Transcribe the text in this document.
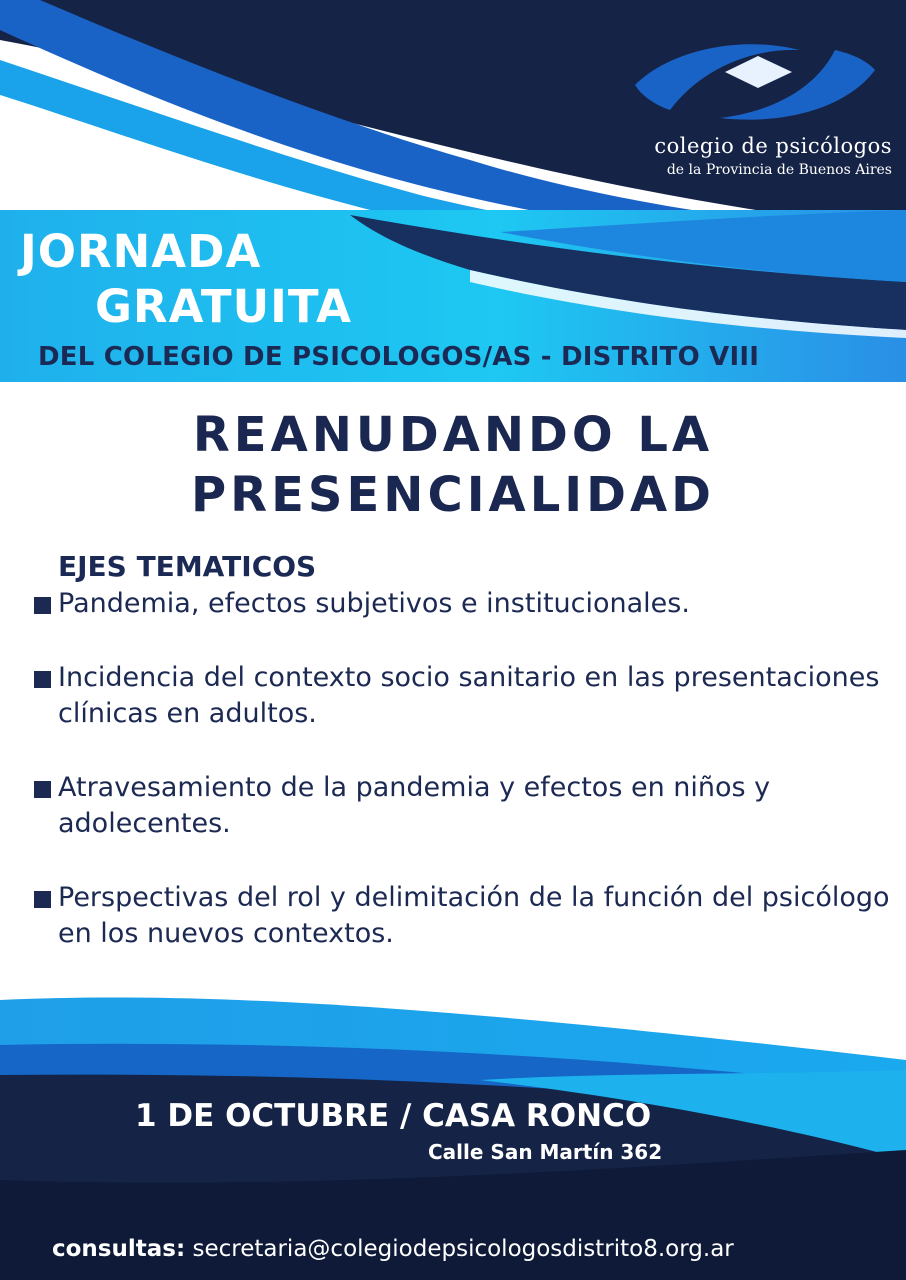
colegio de psicólogos
de la Provincia de Buenos Aires
JORNADA
GRATUITA
DEL COLEGIO DE PSICOLOGOS/AS - DISTRITO VIII
REANUDANDO LA
PRESENCIALIDAD
EJES TEMATICOS
Pandemia, efectos subjetivos e institucionales.
Incidencia del contexto socio sanitario en las presentaciones clínicas en adultos.
Atravesamiento de la pandemia y efectos en niños y adolecentes.
Perspectivas del rol y delimitación de la función del psicólogo en los nuevos contextos.
1 DE OCTUBRE / CASA RONCO
Calle San Martín 362
consultas: secretaria@colegiodepsicologosdistrito8.org.ar
